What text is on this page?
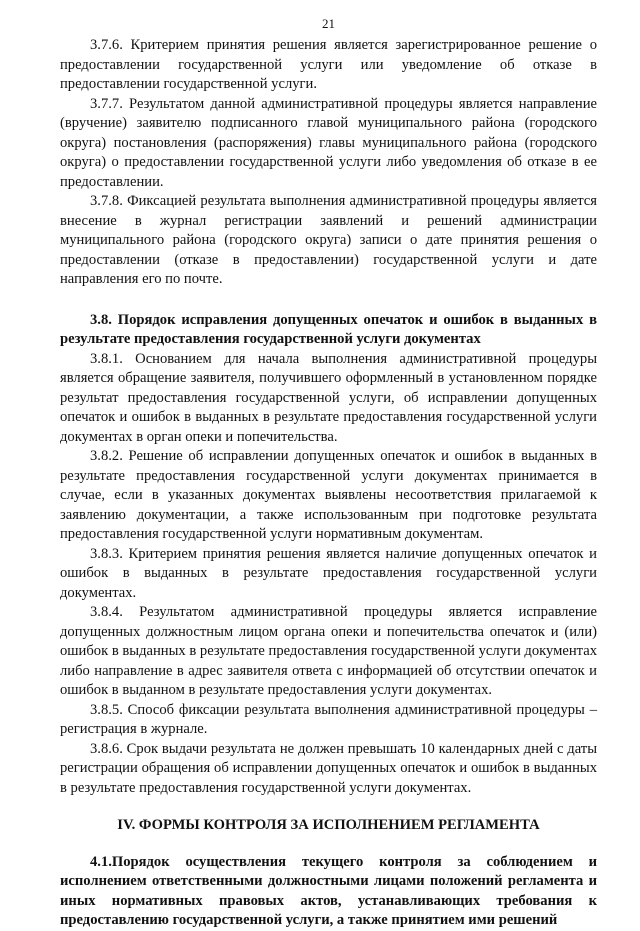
21

3.7.6. Критерием принятия решения является зарегистрированное решение о предоставлении государственной услуги или уведомление об отказе в предоставлении государственной услуги.

3.7.7. Результатом данной административной процедуры является направление (вручение) заявителю подписанного главой муниципального района (городского округа) постановления (распоряжения) главы муниципального района (городского округа) о предоставлении государственной услуги либо уведомления об отказе в ее предоставлении.

3.7.8. Фиксацией результата выполнения административной процедуры является внесение в журнал регистрации заявлений и решений администрации муниципального района (городского округа) записи о дате принятия решения о предоставлении (отказе в предоставлении) государственной услуги и дате направления его по почте.

3.8. Порядок исправления допущенных опечаток и ошибок в выданных в результате предоставления государственной услуги документах

3.8.1. Основанием для начала выполнения административной процедуры является обращение заявителя, получившего оформленный в установленном порядке результат предоставления государственной услуги, об исправлении допущенных опечаток и ошибок в выданных в результате предоставления государственной услуги документах в орган опеки и попечительства.

3.8.2. Решение об исправлении допущенных опечаток и ошибок в выданных в результате предоставления государственной услуги документах принимается в случае, если в указанных документах выявлены несоответствия прилагаемой к заявлению документации, а также использованным при подготовке результата предоставления государственной услуги нормативным документам.

3.8.3. Критерием принятия решения является наличие допущенных опечаток и ошибок в выданных в результате предоставления государственной услуги документах.

3.8.4. Результатом административной процедуры является исправление допущенных должностным лицом органа опеки и попечительства опечаток и (или) ошибок в выданных в результате предоставления государственной услуги документах либо направление в адрес заявителя ответа с информацией об отсутствии опечаток и ошибок в выданном в результате предоставления услуги документах.

3.8.5. Способ фиксации результата выполнения административной процедуры – регистрация в журнале.

3.8.6. Срок выдачи результата не должен превышать 10 календарных дней с даты регистрации обращения об исправлении допущенных опечаток и ошибок в выданных в результате предоставления государственной услуги документах.

IV. ФОРМЫ КОНТРОЛЯ ЗА ИСПОЛНЕНИЕМ РЕГЛАМЕНТА

4.1.Порядок осуществления текущего контроля за соблюдением и исполнением ответственными должностными лицами положений регламента и иных нормативных правовых актов, устанавливающих требования к предоставлению государственной услуги, а также принятием ими решений
